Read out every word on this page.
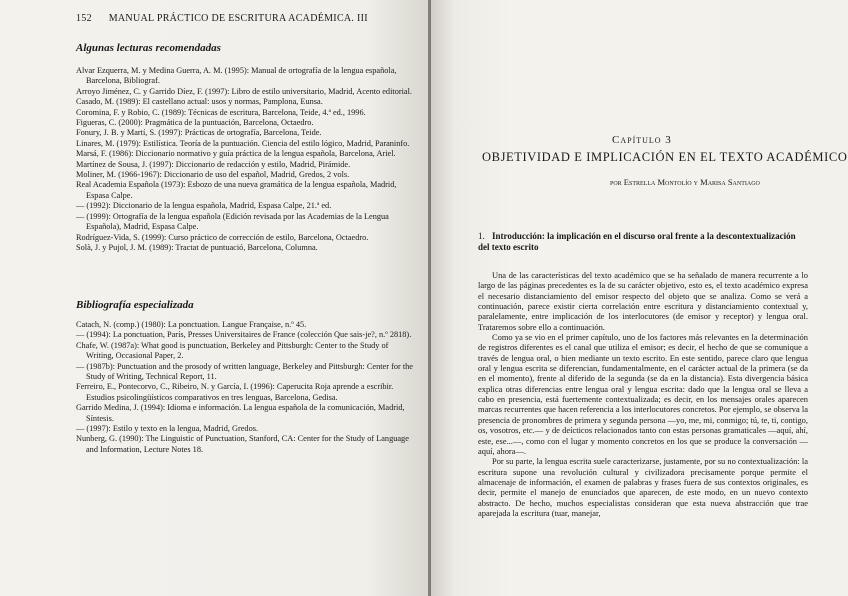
152 MANUAL PRÁCTICO DE ESCRITURA ACADÉMICA. III
Algunas lecturas recomendadas
Alvar Ezquerra, M. y Medina Guerra, A. M. (1995): Manual de ortografía de la lengua española, Barcelona, Bibliograf.
Arroyo Jiménez, C. y Garrido Díez, F. (1997): Libro de estilo universitario, Madrid, Acento editorial.
Casado, M. (1989): El castellano actual: usos y normas, Pamplona, Eunsa.
Coromina, F. y Robio, C. (1989): Técnicas de escritura, Barcelona, Teide, 4.ª ed., 1996.
Figueras, C. (2000): Pragmática de la puntuación, Barcelona, Octaedro.
Fonury, J. B. y Martí, S. (1997): Prácticas de ortografía, Barcelona, Teide.
Linares, M. (1979): Estilística. Teoría de la puntuación. Ciencia del estilo lógico, Madrid, Paraninfo.
Marsá, F. (1986): Diccionario normativo y guía práctica de la lengua española, Barcelona, Ariel.
Martínez de Sousa, J. (1997): Diccionario de redacción y estilo, Madrid, Pirámide.
Moliner, M. (1966-1967): Diccionario de uso del español, Madrid, Gredos, 2 vols.
Real Academia Española (1973): Esbozo de una nueva gramática de la lengua española, Madrid, Espasa Calpe.
— (1992): Diccionario de la lengua española, Madrid, Espasa Calpe, 21.ª ed.
— (1999): Ortografía de la lengua española (Edición revisada por las Academias de la Lengua Española), Madrid, Espasa Calpe.
Rodríguez-Vida, S. (1999): Curso práctico de corrección de estilo, Barcelona, Octaedro.
Solà, J. y Pujol, J. M. (1989): Tractat de puntuació, Barcelona, Columna.
Bibliografía especializada
Catach, N. (comp.) (1980): La ponctuation. Langue Française, n.º 45.
— (1994): La ponctuation, París, Presses Universitaires de France (colección Que sais-je?, n.º 2818).
Chafe, W. (1987a): What good is punctuation, Berkeley and Pittsburgh: Center to the Study of Writing, Occasional Paper, 2.
— (1987b): Punctuation and the prosody of written language, Berkeley and Pittsburgh: Center for the Study of Writing, Technical Report, 11.
Ferreiro, E., Pontecorvo, C., Ribeiro, N. y García, I. (1996): Caperucita Roja aprende a escribir. Estudios psicolingüísticos comparativos en tres lenguas, Barcelona, Gedisa.
Garrido Medina, J. (1994): Idioma e información. La lengua española de la comunicación, Madrid, Síntesis.
— (1997): Estilo y texto en la lengua, Madrid, Gredos.
Nunberg, G. (1990): The Linguistic of Punctuation, Stanford, CA: Center for the Study of Language and Information, Lecture Notes 18.
Capítulo 3
OBJETIVIDAD E IMPLICACIÓN EN EL TEXTO ACADÉMICO
por Estrella Montolío y Marisa Santiago
1. Introducción: la implicación en el discurso oral frente a la descontextualización del texto escrito

Una de las características del texto académico que se ha señalado de manera recurrente a lo largo de las páginas precedentes es la de su carácter objetivo, esto es, el texto académico expresa el necesario distanciamiento del emisor respecto del objeto que se analiza. Como se verá a continuación, parece existir cierta correlación entre escritura y distanciamiento contextual y, paralelamente, entre implicación de los interlocutores (de emisor y receptor) y lengua oral. Trataremos sobre ello a continuación.

Como ya se vio en el primer capítulo, uno de los factores más relevantes en la determinación de registros diferentes es el canal que utiliza el emisor; es decir, el hecho de que se comunique a través de lengua oral, o bien mediante un texto escrito. En este sentido, parece claro que lengua oral y lengua escrita se diferencian, fundamentalmente, en el carácter actual de la primera (se da en el momento), frente al diferido de la segunda (se da en la distancia). Esta divergencia básica explica otras diferencias entre lengua oral y lengua escrita: dado que la lengua oral se lleva a cabo en presencia, está fuertemente contextualizada; es decir, en los mensajes orales aparecen marcas recurrentes que hacen referencia a los interlocutores concretos. Por ejemplo, se observa la presencia de pronombres de primera y segunda persona —yo, me, mi, conmigo; tú, te, ti, contigo, os, vosotros, etc.— y de deícticos relacionados tanto con estas personas gramaticales —aquí, ahí, este, ese...—, como con el lugar y momento concretos en los que se produce la conversación —aquí, ahora—.

Por su parte, la lengua escrita suele caracterizarse, justamente, por su no contextualización: la escritura supone una revolución cultural y civilizadora precisamente porque permite el almacenaje de información, el examen de palabras y frases fuera de sus contextos originales, es decir, permite el manejo de enunciados que aparecen, de este modo, en un nuevo contexto abstracto. De hecho, muchos especialistas consideran que esta nueva abstracción que trae aparejada la escritura (tuar, manejar,
